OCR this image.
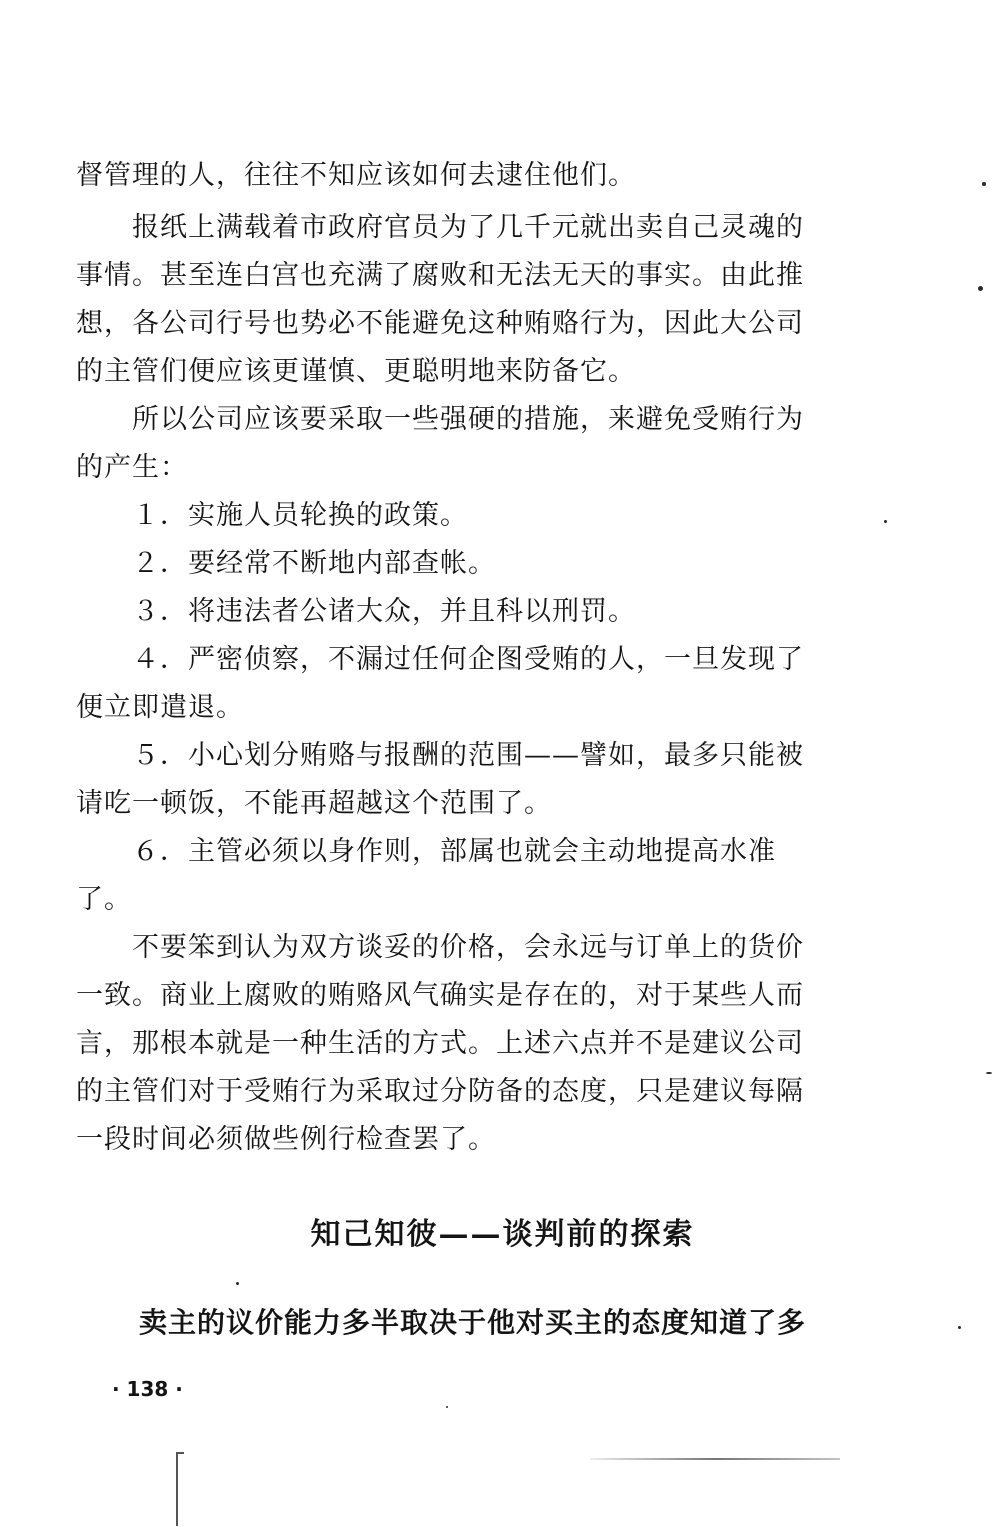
督管理的人，往往不知应该如何去逮住他们。
　　报纸上满载着市政府官员为了几千元就出卖自己灵魂的
事情。甚至连白宫也充满了腐败和无法无天的事实。由此推
想，各公司行号也势必不能避免这种贿赂行为，因此大公司
的主管们便应该更谨慎、更聪明地来防备它。
　　所以公司应该要采取一些强硬的措施，来避免受贿行为
的产生：
　　１．实施人员轮换的政策。
　　２．要经常不断地内部查帐。
　　３．将违法者公诸大众，并且科以刑罚。
　　４．严密侦察，不漏过任何企图受贿的人，一旦发现了
便立即遣退。
　　５．小心划分贿赂与报酬的范围——譬如，最多只能被
请吃一顿饭，不能再超越这个范围了。
　　６．主管必须以身作则，部属也就会主动地提高水准
了。
　　不要笨到认为双方谈妥的价格，会永远与订单上的货价
一致。商业上腐败的贿赂风气确实是存在的，对于某些人而
言，那根本就是一种生活的方式。上述六点并不是建议公司
的主管们对于受贿行为采取过分防备的态度，只是建议每隔
一段时间必须做些例行检查罢了。
知己知彼——谈判前的探索
卖主的议价能力多半取决于他对买主的态度知道了多
· 138 ·
